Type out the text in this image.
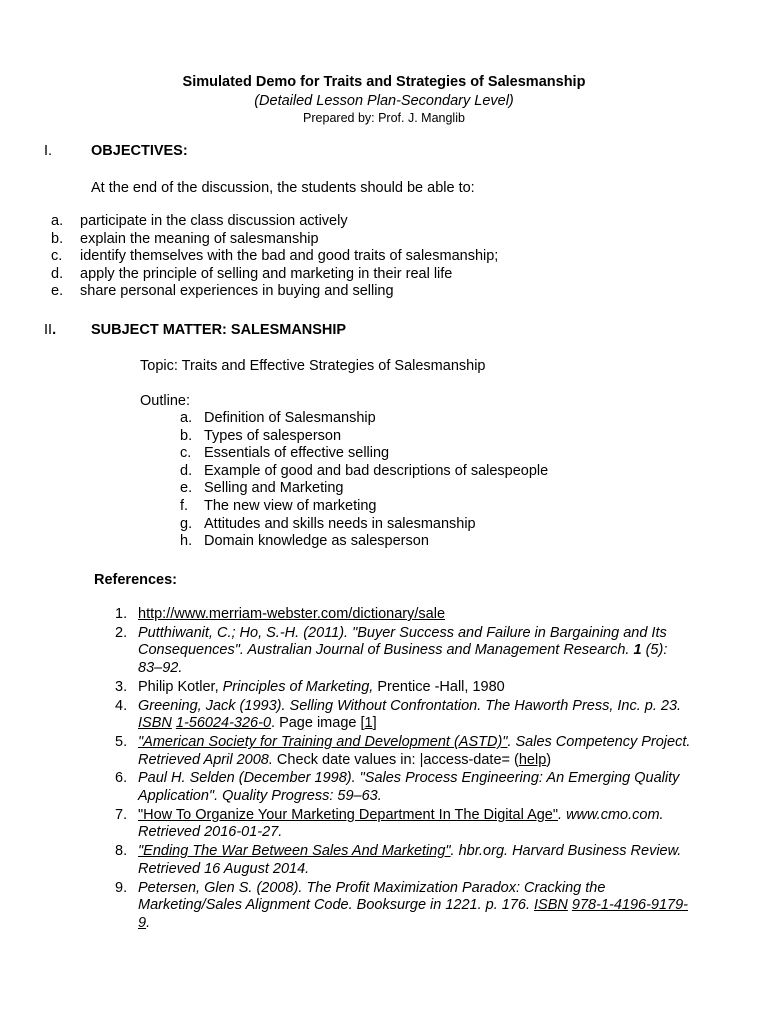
Simulated Demo for Traits and Strategies of Salesmanship
(Detailed Lesson Plan-Secondary Level)
Prepared by: Prof. J. Manglib
I.	OBJECTIVES:
At the end of the discussion, the students should be able to:
a. participate in the class discussion actively
b. explain the meaning of salesmanship
c. identify themselves with the bad and good traits of salesmanship;
d. apply the principle of selling and marketing in their real life
e. share personal experiences in buying and selling
II. SUBJECT MATTER: SALESMANSHIP
Topic: Traits and Effective Strategies of Salesmanship
Outline:
a. Definition of Salesmanship
b. Types of salesperson
c. Essentials of effective selling
d. Example of good and bad descriptions of salespeople
e. Selling and Marketing
f. The new view of marketing
g. Attitudes and skills needs in salesmanship
h. Domain knowledge as salesperson
References:
1. http://www.merriam-webster.com/dictionary/sale
2. Putthiwanit, C.; Ho, S.-H. (2011). "Buyer Success and Failure in Bargaining and Its Consequences". Australian Journal of Business and Management Research. 1 (5): 83–92.
3. Philip Kotler, Principles of Marketing, Prentice -Hall, 1980
4. Greening, Jack (1993). Selling Without Confrontation. The Haworth Press, Inc. p. 23. ISBN 1-56024-326-0. Page image [1]
5. "American Society for Training and Development (ASTD)". Sales Competency Project. Retrieved April 2008. Check date values in: |access-date= (help)
6. Paul H. Selden (December 1998). "Sales Process Engineering: An Emerging Quality Application". Quality Progress: 59–63.
7. "How To Organize Your Marketing Department In The Digital Age". www.cmo.com. Retrieved 2016-01-27.
8. "Ending The War Between Sales And Marketing". hbr.org. Harvard Business Review. Retrieved 16 August 2014.
9. Petersen, Glen S. (2008). The Profit Maximization Paradox: Cracking the Marketing/Sales Alignment Code. Booksurge in 1221. p. 176. ISBN 978-1-4196-9179-9.
